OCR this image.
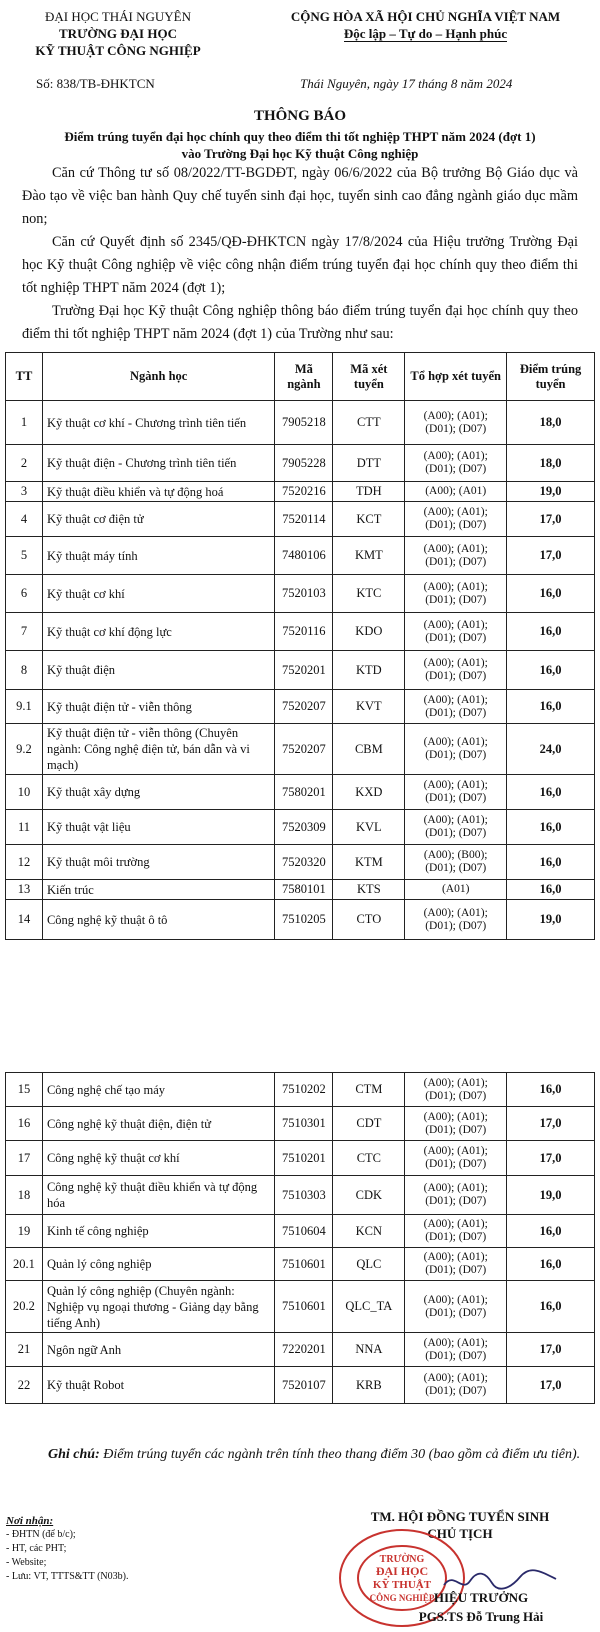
ĐẠI HỌC THÁI NGUYÊN
TRƯỜNG ĐẠI HỌC
KỸ THUẬT CÔNG NGHIỆP
CỘNG HÒA XÃ HỘI CHỦ NGHĨA VIỆT NAM
Độc lập – Tự do – Hạnh phúc
Số: 838/TB-ĐHKTCN	Thái Nguyên, ngày 17 tháng 8 năm 2024
THÔNG BÁO
Điểm trúng tuyển đại học chính quy theo điểm thi tốt nghiệp THPT năm 2024 (đợt 1)
vào Trường Đại học Kỹ thuật Công nghiệp

Căn cứ Thông tư số 08/2022/TT-BGDĐT, ngày 06/6/2022 của Bộ trưởng Bộ Giáo dục và Đào tạo về việc ban hành Quy chế tuyển sinh đại học, tuyển sinh cao đẳng ngành giáo dục mầm non;

Căn cứ Quyết định số 2345/QĐ-ĐHKTCN ngày 17/8/2024 của Hiệu trưởng Trường Đại học Kỹ thuật Công nghiệp về việc công nhận điểm trúng tuyển đại học chính quy theo điểm thi tốt nghiệp THPT năm 2024 (đợt 1);

Trường Đại học Kỹ thuật Công nghiệp thông báo điểm trúng tuyển đại học chính quy theo điểm thi tốt nghiệp THPT năm 2024 (đợt 1) của Trường như sau:

TT	Ngành học	Mã ngành	Mã xét tuyển	Tổ hợp xét tuyển	Điểm trúng tuyển
1	Kỹ thuật cơ khí - Chương trình tiên tiến	7905218	CTT	(A00); (A01);
(D01); (D07)	18,0
2	Kỹ thuật điện - Chương trình tiên tiến	7905228	DTT	(A00); (A01);
(D01); (D07)	18,0
3	Kỹ thuật điều khiển và tự động hoá	7520216	TDH	(A00); (A01)	19,0
4	Kỹ thuật cơ điện tử	7520114	KCT	(A00); (A01);
(D01); (D07)	17,0
5	Kỹ thuật máy tính	7480106	KMT	(A00); (A01);
(D01); (D07)	17,0
6	Kỹ thuật cơ khí	7520103	KTC	(A00); (A01);
(D01); (D07)	16,0
7	Kỹ thuật cơ khí động lực	7520116	KDO	(A00); (A01);
(D01); (D07)	16,0
8	Kỹ thuật điện	7520201	KTD	(A00); (A01);
(D01); (D07)	16,0
9.1	Kỹ thuật điện tử - viễn thông	7520207	KVT	(A00); (A01);
(D01); (D07)	16,0
9.2	Kỹ thuật điện tử - viễn thông (Chuyên ngành: Công nghệ điện tử, bán dẫn và vi mạch)	7520207	CBM	(A00); (A01);
(D01); (D07)	24,0
10	Kỹ thuật xây dựng	7580201	KXD	(A00); (A01);
(D01); (D07)	16,0
11	Kỹ thuật vật liệu	7520309	KVL	(A00); (A01);
(D01); (D07)	16,0
12	Kỹ thuật môi trường	7520320	KTM	(A00); (B00);
(D01); (D07)	16,0
13	Kiến trúc	7580101	KTS	(A01)	16,0
14	Công nghệ kỹ thuật ô tô	7510205	CTO	(A00); (A01);
(D01); (D07)	19,0
15	Công nghệ chế tạo máy	7510202	CTM	(A00); (A01);
(D01); (D07)	16,0
16	Công nghệ kỹ thuật điện, điện tử	7510301	CDT	(A00); (A01);
(D01); (D07)	17,0
17	Công nghệ kỹ thuật cơ khí	7510201	CTC	(A00); (A01);
(D01); (D07)	17,0
18	Công nghệ kỹ thuật điều khiển và tự động hóa	7510303	CDK	(A00); (A01);
(D01); (D07)	19,0
19	Kinh tế công nghiệp	7510604	KCN	(A00); (A01);
(D01); (D07)	16,0
20.1	Quản lý công nghiệp	7510601	QLC	(A00); (A01);
(D01); (D07)	16,0
20.2	Quản lý công nghiệp (Chuyên ngành: Nghiệp vụ ngoại thương - Giảng dạy bằng tiếng Anh)	7510601	QLC_TA	(A00); (A01);
(D01); (D07)	16,0
21	Ngôn ngữ Anh	7220201	NNA	(A00); (A01);
(D01); (D07)	17,0
22	Kỹ thuật Robot	7520107	KRB	(A00); (A01);
(D01); (D07)	17,0
Ghi chú: Điểm trúng tuyển các ngành trên tính theo thang điểm 30 (bao gồm cả điểm ưu tiên).
Nơi nhận:
- ĐHTN (để b/c);
- HT, các PHT;
- Website;
- Lưu: VT, TTTS&TT (N03b).
TM. HỘI ĐỒNG TUYỂN SINH
CHỦ TỊCH
TRƯỜNG
ĐẠI HỌC
KỸ THUẬT
CÔNG NGHIỆP HIỆU TRƯỞNG
PGS.TS Đỗ Trung Hải
